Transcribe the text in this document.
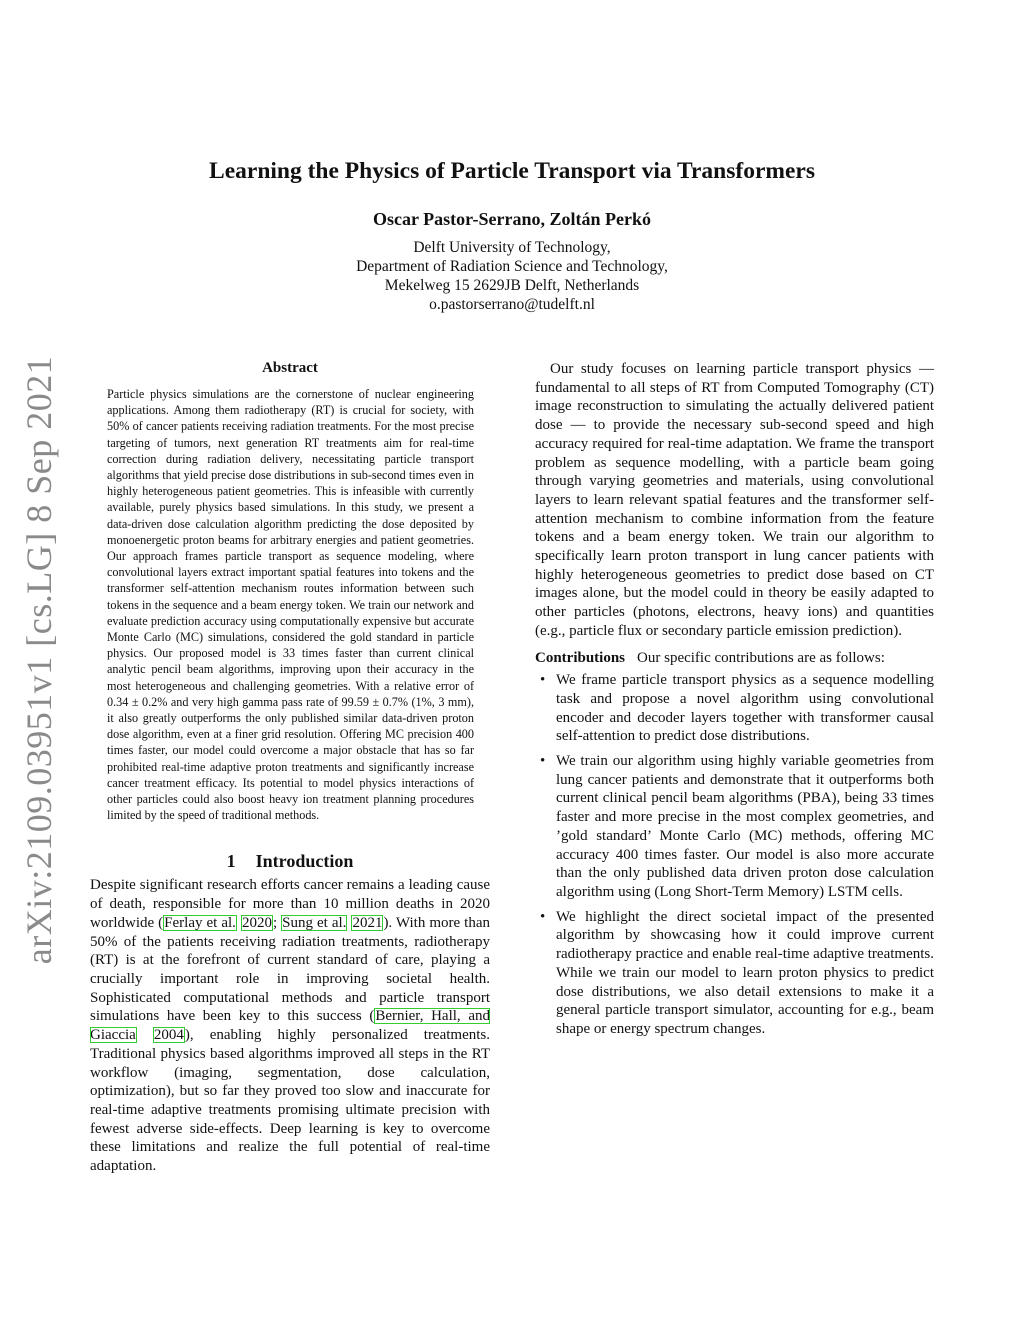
arXiv:2109.03951v1 [cs.LG] 8 Sep 2021
Learning the Physics of Particle Transport via Transformers
Oscar Pastor-Serrano, Zoltán Perkó
Delft University of Technology,
Department of Radiation Science and Technology,
Mekelweg 15 2629JB Delft, Netherlands
o.pastorserrano@tudelft.nl
Abstract
Particle physics simulations are the cornerstone of nuclear engineering applications. Among them radiotherapy (RT) is crucial for society, with 50% of cancer patients receiving radiation treatments. For the most precise targeting of tumors, next generation RT treatments aim for real-time correction during radiation delivery, necessitating particle transport algorithms that yield precise dose distributions in sub-second times even in highly heterogeneous patient geometries. This is infeasible with currently available, purely physics based simulations. In this study, we present a data-driven dose calculation algorithm predicting the dose deposited by monoenergetic proton beams for arbitrary energies and patient geometries. Our approach frames particle transport as sequence modeling, where convolutional layers extract important spatial features into tokens and the transformer self-attention mechanism routes information between such tokens in the sequence and a beam energy token. We train our network and evaluate prediction accuracy using computationally expensive but accurate Monte Carlo (MC) simulations, considered the gold standard in particle physics. Our proposed model is 33 times faster than current clinical analytic pencil beam algorithms, improving upon their accuracy in the most heterogeneous and challenging geometries. With a relative error of 0.34 ± 0.2% and very high gamma pass rate of 99.59 ± 0.7% (1%, 3 mm), it also greatly outperforms the only published similar data-driven proton dose algorithm, even at a finer grid resolution. Offering MC precision 400 times faster, our model could overcome a major obstacle that has so far prohibited real-time adaptive proton treatments and significantly increase cancer treatment efficacy. Its potential to model physics interactions of other particles could also boost heavy ion treatment planning procedures limited by the speed of traditional methods.
1 Introduction

Despite significant research efforts cancer remains a leading cause of death, responsible for more than 10 million deaths in 2020 worldwide (Ferlay et al. 2020; Sung et al. 2021). With more than 50% of the patients receiving radiation treatments, radiotherapy (RT) is at the forefront of current standard of care, playing a crucially important role in improving societal health. Sophisticated computational methods and particle transport simulations have been key to this success (Bernier, Hall, and Giaccia 2004), enabling highly personalized treatments. Traditional physics based algorithms improved all steps in the RT workflow (imaging, segmentation, dose calculation, optimization), but so far they proved too slow and inaccurate for real-time adaptive treatments promising ultimate precision with fewest adverse side-effects. Deep learning is key to overcome these limitations and realize the full potential of real-time adaptation.

Our study focuses on learning particle transport physics — fundamental to all steps of RT from Computed Tomography (CT) image reconstruction to simulating the actually delivered patient dose — to provide the necessary sub-second speed and high accuracy required for real-time adaptation. We frame the transport problem as sequence modelling, with a particle beam going through varying geometries and materials, using convolutional layers to learn relevant spatial features and the transformer self-attention mechanism to combine information from the feature tokens and a beam energy token. We train our algorithm to specifically learn proton transport in lung cancer patients with highly heterogeneous geometries to predict dose based on CT images alone, but the model could in theory be easily adapted to other particles (photons, electrons, heavy ions) and quantities (e.g., particle flux or secondary particle emission prediction).

Contributions Our specific contributions are as follows:

• We frame particle transport physics as a sequence modelling task and propose a novel algorithm using convolutional encoder and decoder layers together with transformer causal self-attention to predict dose distributions.
• We train our algorithm using highly variable geometries from lung cancer patients and demonstrate that it outperforms both current clinical pencil beam algorithms (PBA), being 33 times faster and more precise in the most complex geometries, and ’gold standard’ Monte Carlo (MC) methods, offering MC accuracy 400 times faster. Our model is also more accurate than the only published data driven proton dose calculation algorithm using (Long Short-Term Memory) LSTM cells.
• We highlight the direct societal impact of the presented algorithm by showcasing how it could improve current radiotherapy practice and enable real-time adaptive treatments. While we train our model to learn proton physics to predict dose distributions, we also detail extensions to make it a general particle transport simulator, accounting for e.g., beam shape or energy spectrum changes.
